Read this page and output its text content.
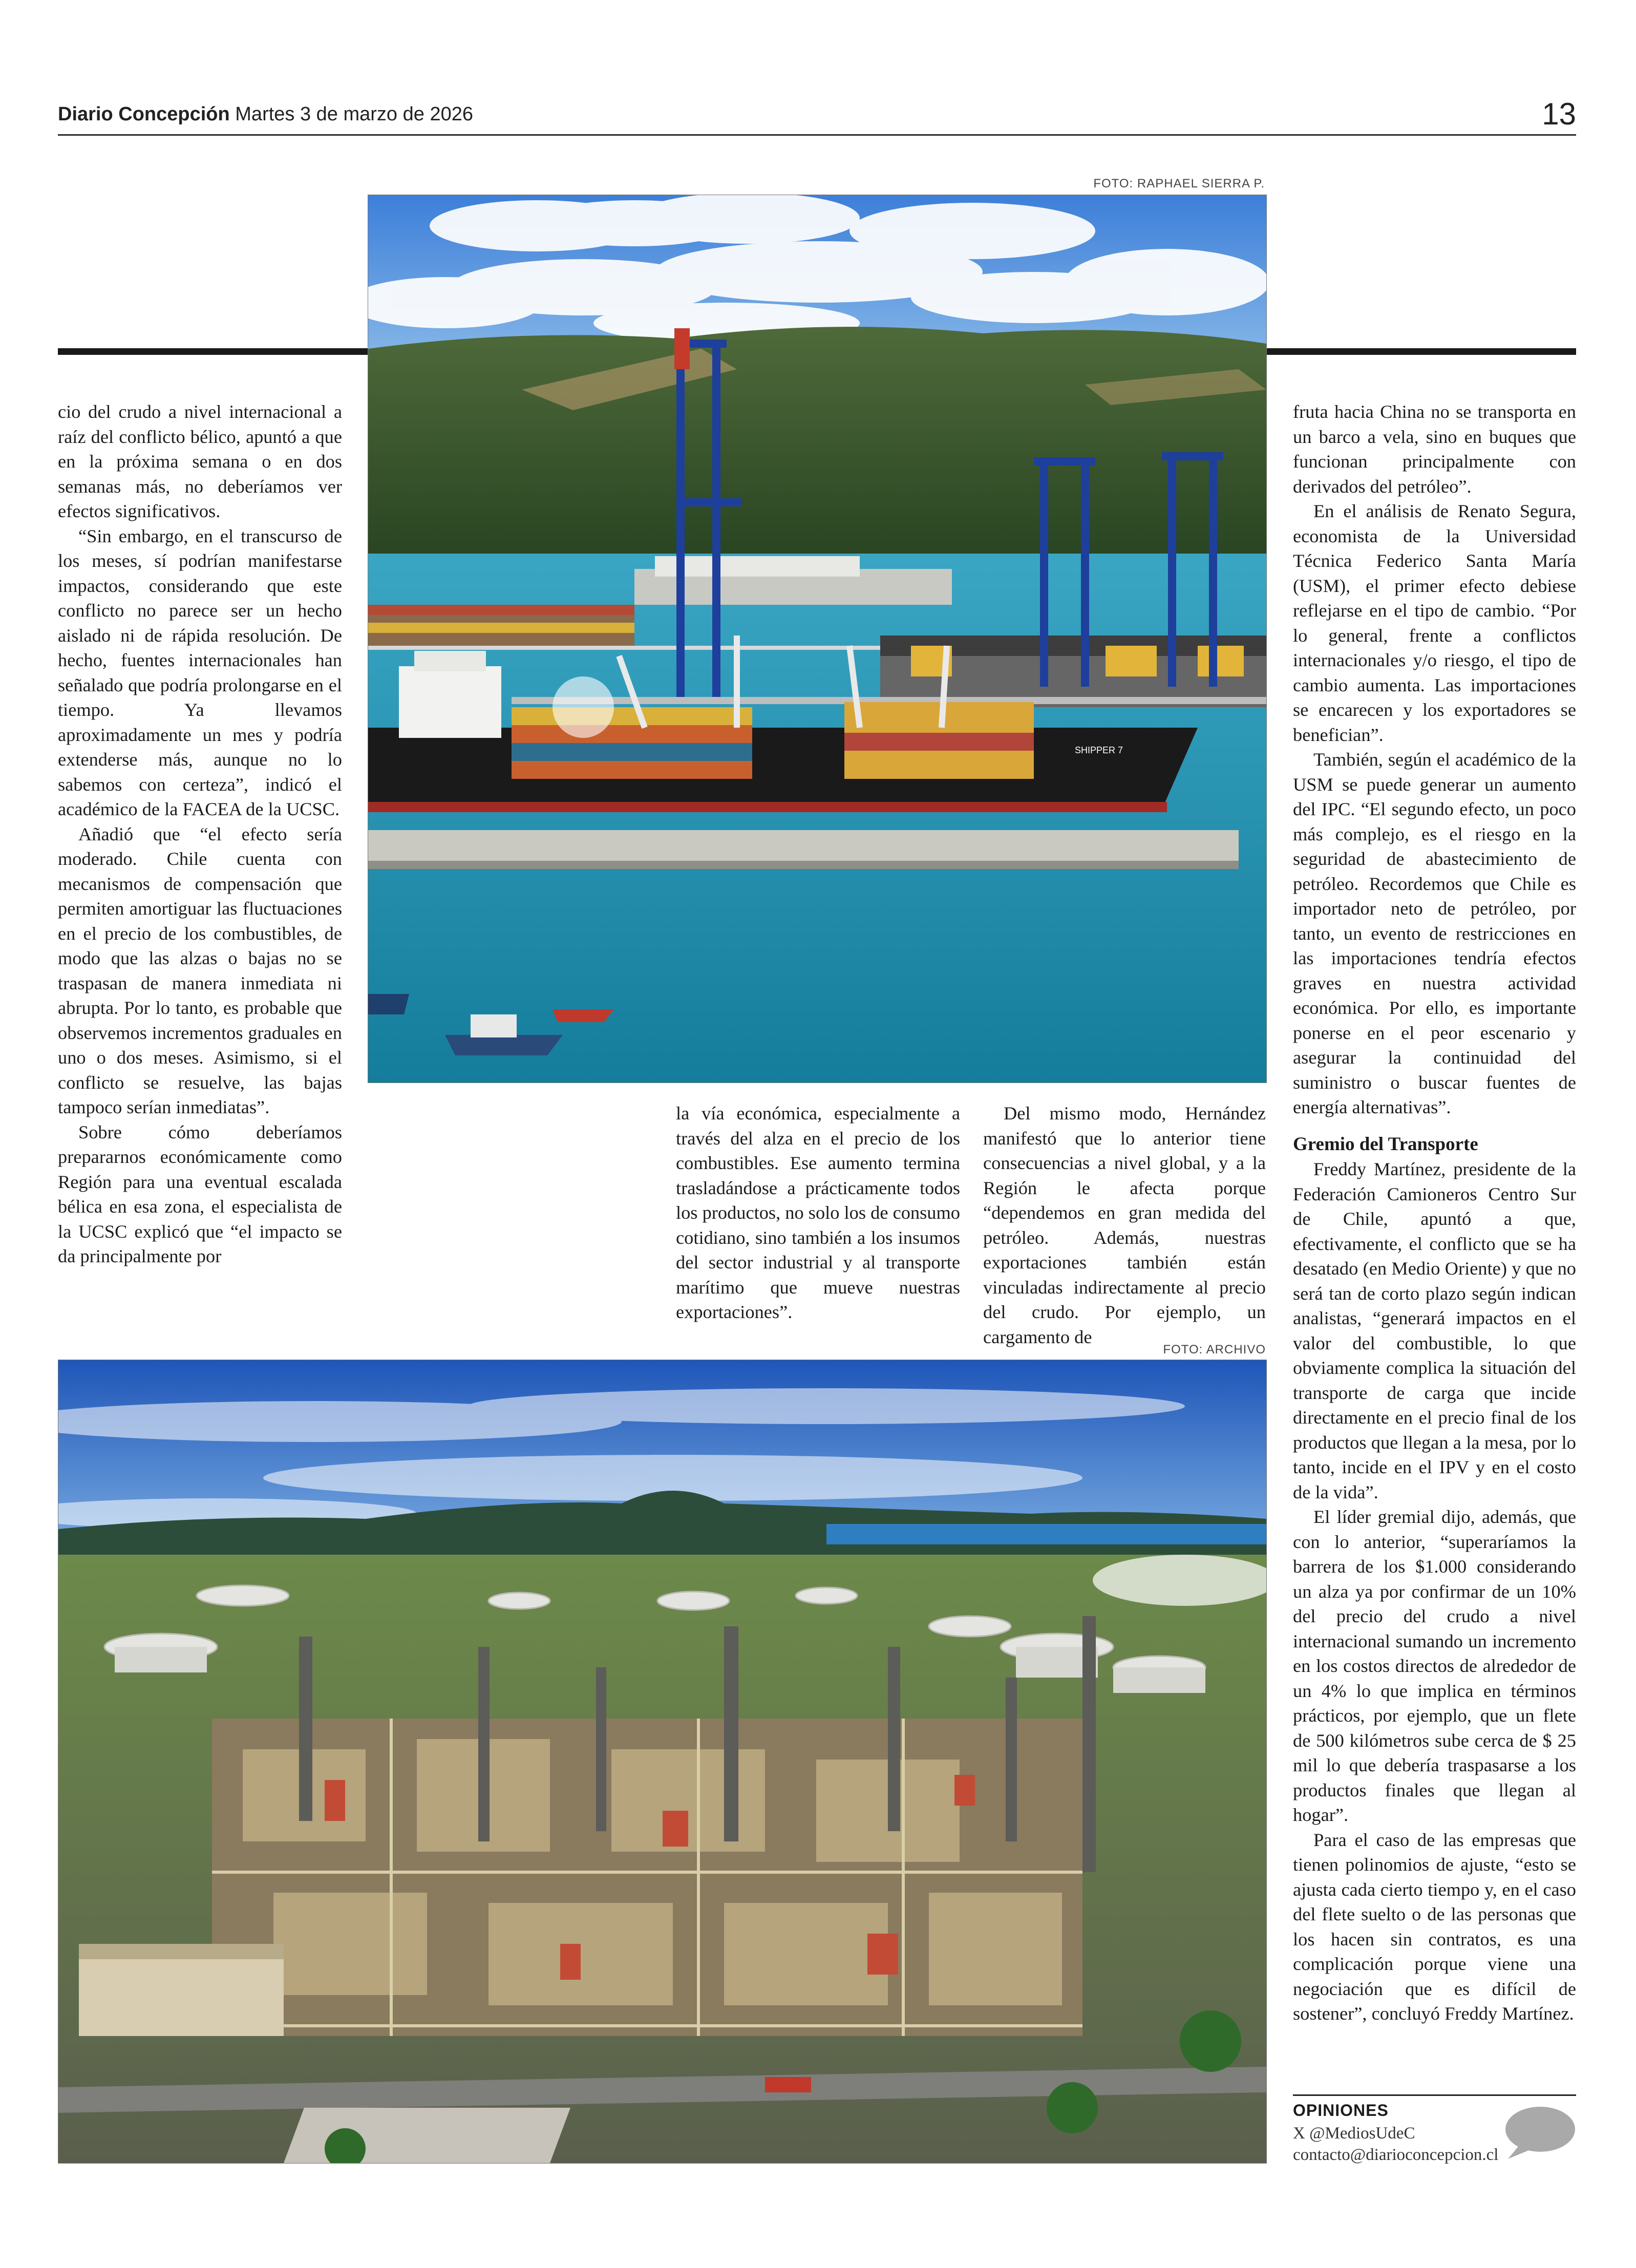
Diario Concepción Martes 3 de marzo de 2026	13
FOTO: RAPHAEL SIERRA P.
SHIPPER 7

cio del crudo a nivel internacional a raíz del conflicto bélico, apuntó a que en la próxima semana o en dos semanas más, no deberíamos ver efectos significativos.

“Sin embargo, en el transcurso de los meses, sí podrían manifestarse impactos, considerando que este conflicto no parece ser un hecho aislado ni de rápida resolución. De hecho, fuentes internacionales han señalado que podría prolongarse en el tiempo. Ya llevamos aproximadamente un mes y podría extenderse más, aunque no lo sabemos con certeza”, indicó el académico de la FACEA de la UCSC.

Añadió que “el efecto sería moderado. Chile cuenta con mecanismos de compensación que permiten amortiguar las fluctuaciones en el precio de los combustibles, de modo que las alzas o bajas no se traspasan de manera inmediata ni abrupta. Por lo tanto, es probable que observemos incrementos graduales en uno o dos meses. Asimismo, si el conflicto se resuelve, las bajas tampoco serían inmediatas”.

Sobre cómo deberíamos prepararnos económicamente como Región para una eventual escalada bélica en esa zona, el especialista de la UCSC explicó que “el impacto se da principalmente por

la vía económica, especialmente a través del alza en el precio de los combustibles. Ese aumento termina trasladándose a prácticamente todos los productos, no solo los de consumo cotidiano, sino también a los insumos del sector industrial y al transporte marítimo que mueve nuestras exportaciones”.

Del mismo modo, Hernández manifestó que lo anterior tiene consecuencias a nivel global, y a la Región le afecta porque “dependemos en gran medida del petróleo. Además, nuestras exportaciones también están vinculadas indirectamente al precio del crudo. Por ejemplo, un cargamento de

fruta hacia China no se transporta en un barco a vela, sino en buques que funcionan principalmente con derivados del petróleo”.

En el análisis de Renato Segura, economista de la Universidad Técnica Federico Santa María (USM), el primer efecto debiese reflejarse en el tipo de cambio. “Por lo general, frente a conflictos internacionales y/o riesgo, el tipo de cambio aumenta. Las importaciones se encarecen y los exportadores se benefician”.

También, según el académico de la USM se puede generar un aumento del IPC. “El segundo efecto, un poco más complejo, es el riesgo en la seguridad de abastecimiento de petróleo. Recordemos que Chile es importador neto de petróleo, por tanto, un evento de restricciones en las importaciones tendría efectos graves en nuestra actividad económica. Por ello, es importante ponerse en el peor escenario y asegurar la continuidad del suministro o buscar fuentes de energía alternativas”.

Gremio del Transporte

Freddy Martínez, presidente de la Federación Camioneros Centro Sur de Chile, apuntó a que, efectivamente, el conflicto que se ha desatado (en Medio Oriente) y que no será tan de corto plazo según indican analistas, “generará impactos en el valor del combustible, lo que obviamente complica la situación del transporte de carga que incide directamente en el precio final de los productos que llegan a la mesa, por lo tanto, incide en el IPV y en el costo de la vida”.

El líder gremial dijo, además, que con lo anterior, “superaríamos la barrera de los $1.000 considerando un alza ya por confirmar de un 10% del precio del crudo a nivel internacional sumando un incremento en los costos directos de alrededor de un 4% lo que implica en términos prácticos, por ejemplo, que un flete de 500 kilómetros sube cerca de $ 25 mil lo que debería traspasarse a los productos finales que llegan al hogar”.

Para el caso de las empresas que tienen polinomios de ajuste, “esto se ajusta cada cierto tiempo y, en el caso del flete suelto o de las personas que los hacen sin contratos, es una complicación porque viene una negociación que es difícil de sostener”, concluyó Freddy Martínez.

FOTO: ARCHIVO
OPINIONES
X @MediosUdeC
contacto@diarioconcepcion.cl
